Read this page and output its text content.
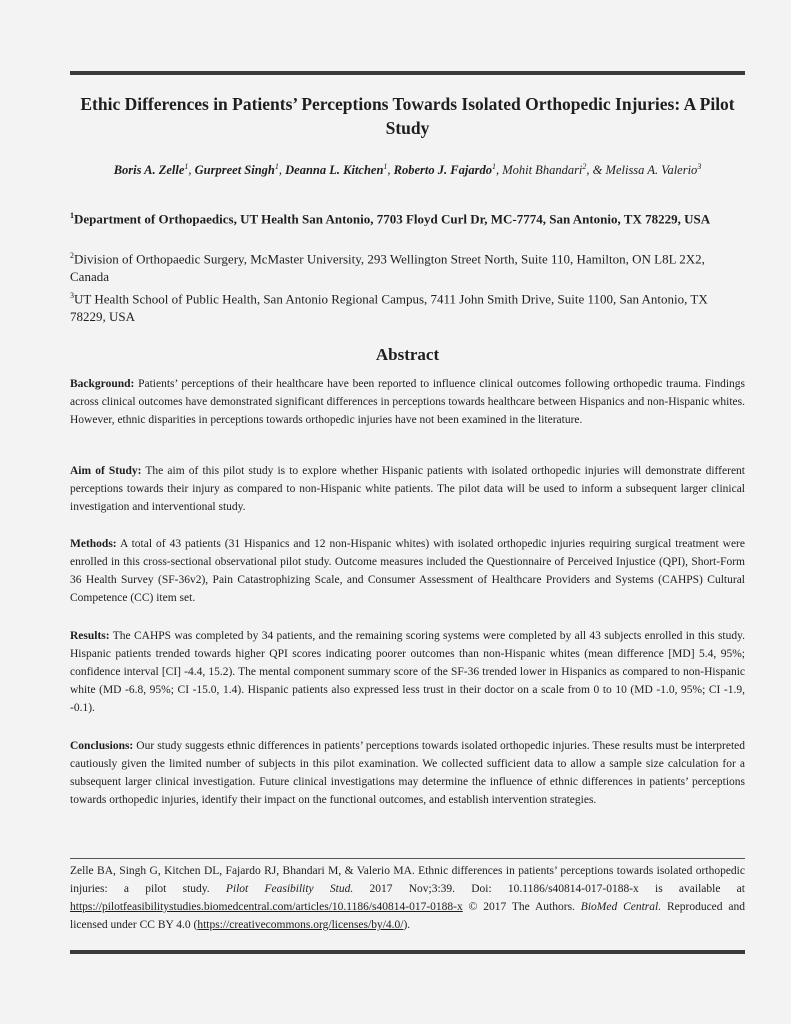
Ethic Differences in Patients’ Perceptions Towards Isolated Orthopedic Injuries: A Pilot Study
Boris A. Zelle$^1$, Gurpreet Singh$^1$, Deanna L. Kitchen$^1$, Roberto J. Fajardo$^1$, Mohit Bhandari$^2$, & Melissa A. Valerio$^3$
$^1$Department of Orthopaedics, UT Health San Antonio, 7703 Floyd Curl Dr, MC-7774, San Antonio, TX 78229, USA
$^2$Division of Orthopaedic Surgery, McMaster University, 293 Wellington Street North, Suite 110, Hamilton, ON L8L 2X2, Canada
$^3$UT Health School of Public Health, San Antonio Regional Campus, 7411 John Smith Drive, Suite 1100, San Antonio, TX 78229, USA
Abstract
Background: Patients’ perceptions of their healthcare have been reported to influence clinical outcomes following orthopedic trauma. Findings across clinical outcomes have demonstrated significant differences in perceptions towards healthcare between Hispanics and non-Hispanic whites. However, ethnic disparities in perceptions towards orthopedic injuries have not been examined in the literature.
Aim of Study: The aim of this pilot study is to explore whether Hispanic patients with isolated orthopedic injuries will demonstrate different perceptions towards their injury as compared to non-Hispanic white patients. The pilot data will be used to inform a subsequent larger clinical investigation and interventional study.
Methods: A total of 43 patients (31 Hispanics and 12 non-Hispanic whites) with isolated orthopedic injuries requiring surgical treatment were enrolled in this cross-sectional observational pilot study. Outcome measures included the Questionnaire of Perceived Injustice (QPI), Short-Form 36 Health Survey (SF-36v2), Pain Catastrophizing Scale, and Consumer Assessment of Healthcare Providers and Systems (CAHPS) Cultural Competence (CC) item set.
Results: The CAHPS was completed by 34 patients, and the remaining scoring systems were completed by all 43 subjects enrolled in this study. Hispanic patients trended towards higher QPI scores indicating poorer outcomes than non-Hispanic whites (mean difference [MD] 5.4, 95%; confidence interval [CI] -4.4, 15.2). The mental component summary score of the SF-36 trended lower in Hispanics as compared to non-Hispanic white (MD -6.8, 95%; CI -15.0, 1.4). Hispanic patients also expressed less trust in their doctor on a scale from 0 to 10 (MD -1.0, 95%; CI -1.9, -0.1).
Conclusions: Our study suggests ethnic differences in patients’ perceptions towards isolated orthopedic injuries. These results must be interpreted cautiously given the limited number of subjects in this pilot examination. We collected sufficient data to allow a sample size calculation for a subsequent larger clinical investigation. Future clinical investigations may determine the influence of ethnic differences in patients’ perceptions towards orthopedic injuries, identify their impact on the functional outcomes, and establish intervention strategies.
Zelle BA, Singh G, Kitchen DL, Fajardo RJ, Bhandari M, & Valerio MA. Ethnic differences in patients’ perceptions towards isolated orthopedic injuries: a pilot study. Pilot Feasibility Stud. 2017 Nov;3:39. Doi: 10.1186/s40814-017-0188-x is available at https://pilotfeasibilitystudies.biomedcentral.com/articles/10.1186/s40814-017-0188-x © 2017 The Authors. BioMed Central. Reproduced and licensed under CC BY 4.0 (https://creativecommons.org/licenses/by/4.0/).
